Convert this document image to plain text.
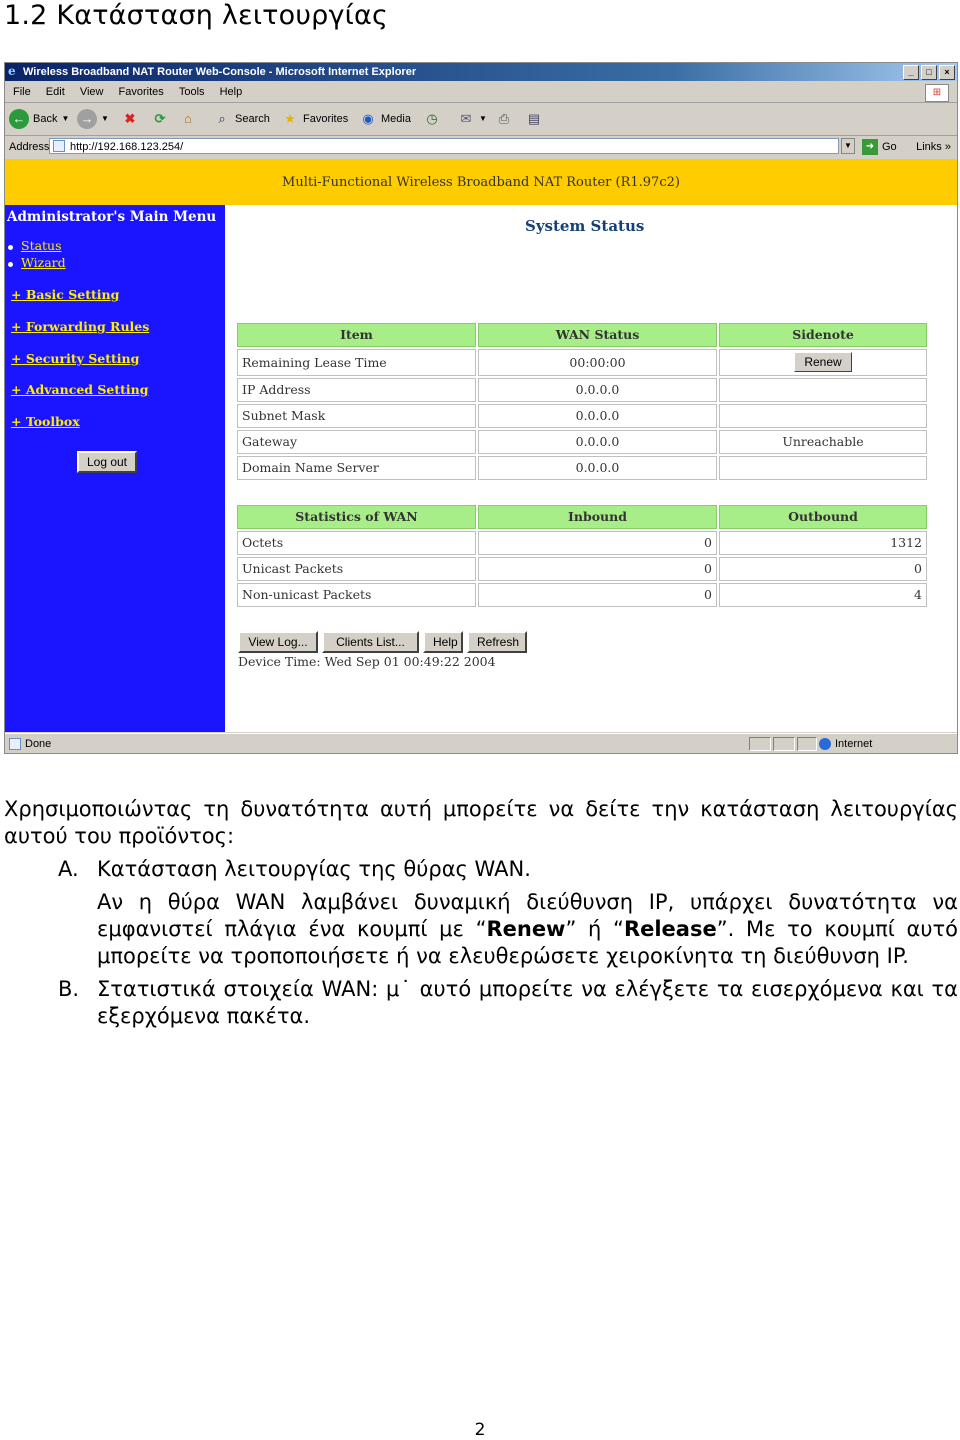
1.2 Κατάσταση λειτουργίας
e Wireless Broadband NAT Router Web-Console - Microsoft Internet Explorer	_	□	×
File Edit View Favorites Tools Help	⊞
← Back ▼ → ▼ ✖ ⟳	⌂	⌕ Search ★ Favorites ◉ Media ◷ ✉ ▼ ⎙ ▤
Address	http://192.168.123.254/	▼	➜ Go Links »
Multi-Functional Wireless Broadband NAT Router (R1.97c2)
Administrator's Main Menu
Status
Wizard
+ Basic Setting
+ Forwarding Rules
+ Security Setting
+ Advanced Setting
+ Toolbox
Log out
System Status
Item	WAN Status	Sidenote
Remaining Lease Time	00:00:00	Renew
IP Address	0.0.0.0
Subnet Mask	0.0.0.0
Gateway	0.0.0.0	Unreachable
Domain Name Server	0.0.0.0
Statistics of WAN	Inbound	Outbound
Octets	0	1312
Unicast Packets	0	0
Non-unicast Packets	0	4
View Log...	Clients List...	Help	Refresh
Device Time: Wed Sep 01 00:49:22 2004
Done	Internet
Χρησιμοποιώντας τη δυνατότητα αυτή μπορείτε να δείτε την κατάσταση λειτουργίας αυτού του προϊόντος:
A. Κατάσταση λειτουργίας της θύρας WAN.
Αν η θύρα WAN λαμβάνει δυναμική διεύθυνση IP, υπάρχει δυνατότητα να εμφανιστεί πλάγια ένα κουμπί με “Renew” ή “Release”. Με το κουμπί αυτό μπορείτε να τροποποιήσετε ή να ελευθερώσετε χειροκίνητα τη διεύθυνση IP.
B. Στατιστικά στοιχεία WAN: μ˙ αυτό μπορείτε να ελέγξετε τα εισερχόμενα και τα εξερχόμενα πακέτα.
2
